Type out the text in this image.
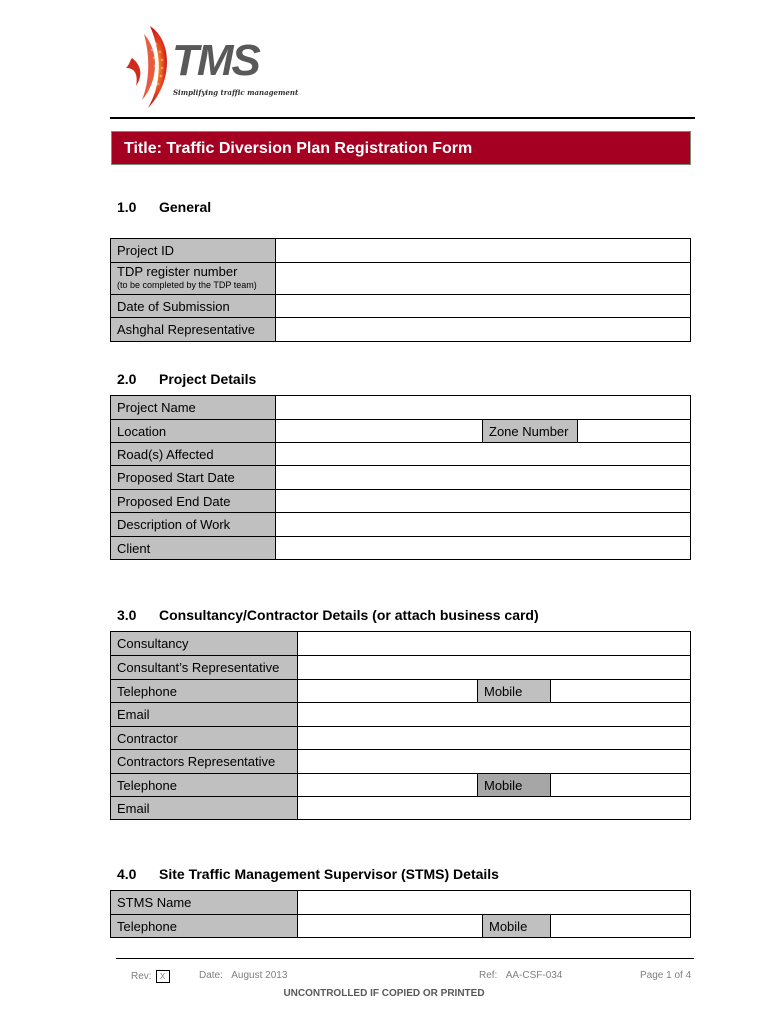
TMS
Simplifying traffic management
Title: Traffic Diversion Plan Registration Form
1.0 General
Project ID	
TDP register number
(to be completed by the TDP team)	

Date of Submission	
Ashghal Representative	
2.0 Project Details
Project Name			
Location		Zone Number	
Road(s) Affected			
Proposed Start Date			
Proposed End Date			
Description of Work			
Client			
3.0 Consultancy/Contractor Details (or attach business card)
Consultancy			
Consultant’s Representative			
Telephone		Mobile	
Email			
Contractor			
Contractors Representative			
Telephone		Mobile	
Email			
4.0 Site Traffic Management Supervisor (STMS) Details
STMS Name			
Telephone		Mobile	
Rev: X	Date: August 2013	Ref: AA-CSF-034	Page 1 of 4
UNCONTROLLED IF COPIED OR PRINTED
